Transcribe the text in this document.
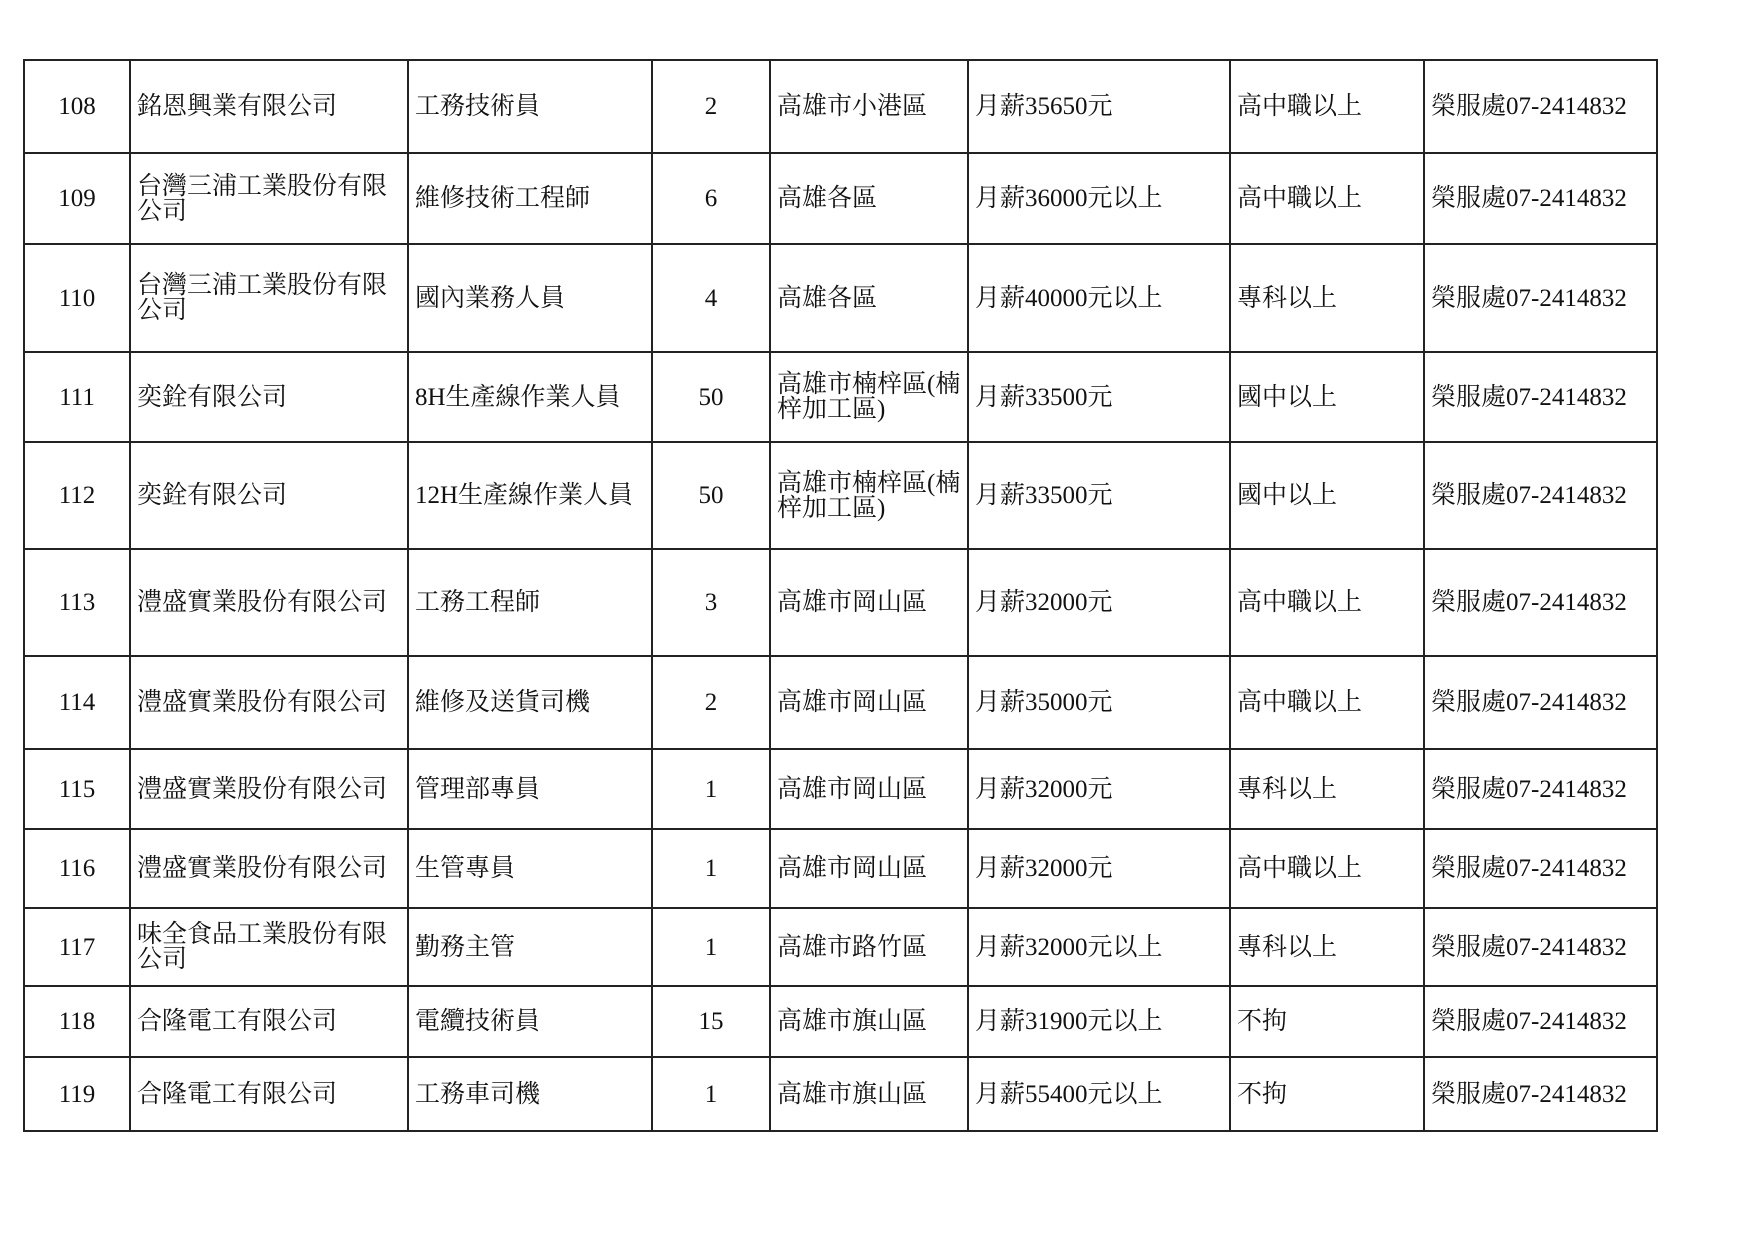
108	銘恩興業有限公司	工務技術員	2	高雄市小港區	月薪35650元	高中職以上	榮服處07-2414832
109	台灣三浦工業股份有限公司	維修技術工程師	6	高雄各區	月薪36000元以上	高中職以上	榮服處07-2414832
110	台灣三浦工業股份有限公司	國內業務人員	4	高雄各區	月薪40000元以上	專科以上	榮服處07-2414832
111	奕銓有限公司	8H生產線作業人員	50	高雄市楠梓區(楠梓加工區)	月薪33500元	國中以上	榮服處07-2414832
112	奕銓有限公司	12H生產線作業人員	50	高雄市楠梓區(楠梓加工區)	月薪33500元	國中以上	榮服處07-2414832
113	澧盛實業股份有限公司	工務工程師	3	高雄市岡山區	月薪32000元	高中職以上	榮服處07-2414832
114	澧盛實業股份有限公司	維修及送貨司機	2	高雄市岡山區	月薪35000元	高中職以上	榮服處07-2414832
115	澧盛實業股份有限公司	管理部專員	1	高雄市岡山區	月薪32000元	專科以上	榮服處07-2414832
116	澧盛實業股份有限公司	生管專員	1	高雄市岡山區	月薪32000元	高中職以上	榮服處07-2414832
117	味全食品工業股份有限公司	勤務主管	1	高雄市路竹區	月薪32000元以上	專科以上	榮服處07-2414832
118	合隆電工有限公司	電纜技術員	15	高雄市旗山區	月薪31900元以上	不拘	榮服處07-2414832
119	合隆電工有限公司	工務車司機	1	高雄市旗山區	月薪55400元以上	不拘	榮服處07-2414832
